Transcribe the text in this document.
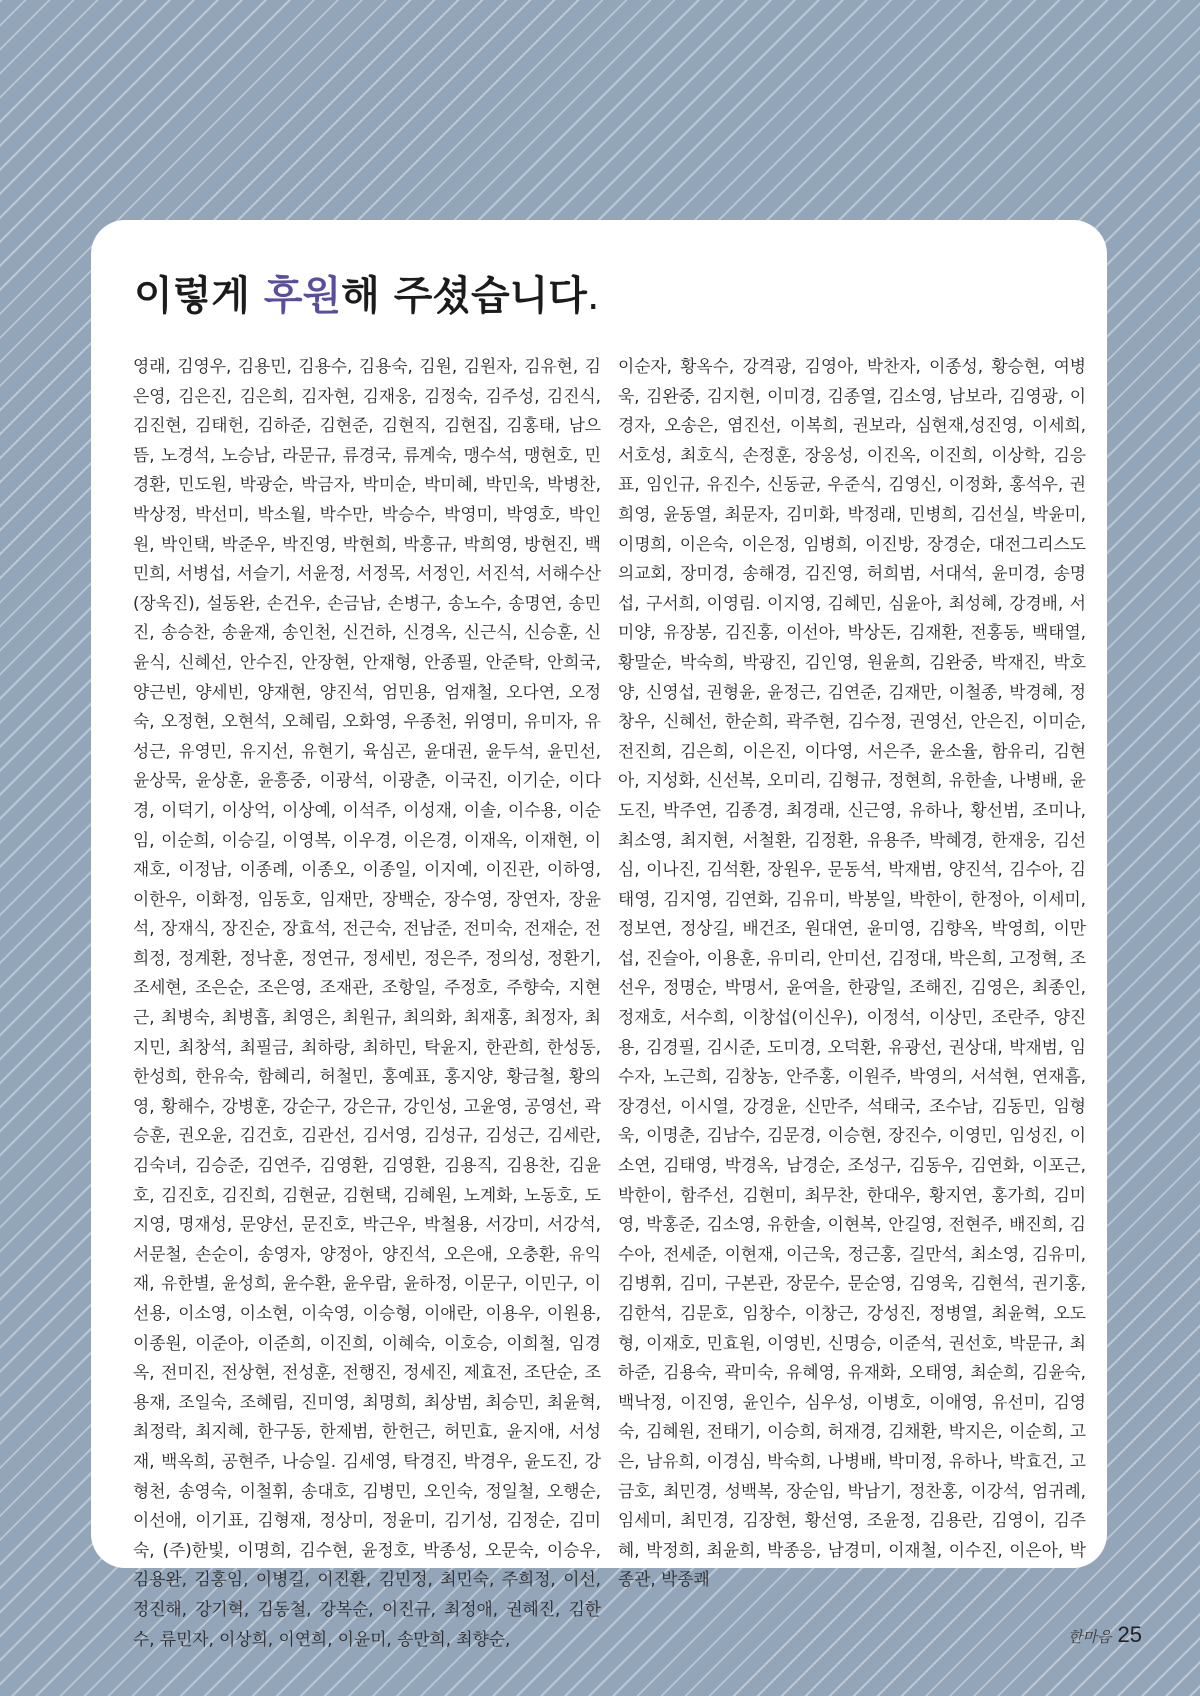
이렇게 후원해 주셨습니다.
영래, 김영우, 김용민, 김용수, 김용숙, 김원, 김원자, 김유현, 김은영, 김은진, 김은희, 김자현, 김재웅, 김정숙, 김주성, 김진식, 김진현, 김태헌, 김하준, 김현준, 김현직, 김현집, 김홍태, 남으뜸, 노경석, 노승남, 라문규, 류경국, 류계숙, 맹수석, 맹현호, 민경환, 민도원, 박광순, 박금자, 박미순, 박미혜, 박민욱, 박병찬, 박상정, 박선미, 박소월, 박수만, 박승수, 박영미, 박영호, 박인원, 박인택, 박준우, 박진영, 박현희, 박흥규, 박희영, 방현진, 백민희, 서병섭, 서슬기, 서윤정, 서정목, 서정인, 서진석, 서해수산(장욱진), 설동완, 손건우, 손금남, 손병구, 송노수, 송명연, 송민진, 송승찬, 송윤재, 송인천, 신건하, 신경옥, 신근식, 신승훈, 신윤식, 신혜선, 안수진, 안장현, 안재형, 안종필, 안준탁, 안희국, 양근빈, 양세빈, 양재현, 양진석, 엄민용, 엄재철, 오다연, 오정숙, 오정현, 오현석, 오혜림, 오화영, 우종천, 위영미, 유미자, 유성근, 유영민, 유지선, 유현기, 육심곤, 윤대권, 윤두석, 윤민선, 윤상묵, 윤상훈, 윤흥중, 이광석, 이광춘, 이국진, 이기순, 이다경, 이덕기, 이상억, 이상예, 이석주, 이성재, 이솔, 이수용, 이순임, 이순희, 이승길, 이영복, 이우경, 이은경, 이재옥, 이재현, 이재호, 이정남, 이종례, 이종오, 이종일, 이지예, 이진관, 이하영, 이한우, 이화정, 임동호, 임재만, 장백순, 장수영, 장연자, 장윤석, 장재식, 장진순, 장효석, 전근숙, 전남준, 전미숙, 전재순, 전희정, 정계환, 정낙훈, 정연규, 정세빈, 정은주, 정의성, 정환기, 조세현, 조은순, 조은영, 조재관, 조항일, 주정호, 주향숙, 지현근, 최병숙, 최병흡, 최영은, 최원규, 최의화, 최재홍, 최정자, 최지민, 최창석, 최필금, 최하랑, 최하민, 탁윤지, 한관희, 한성동, 한성희, 한유숙, 함혜리, 허철민, 홍예표, 홍지양, 황금철, 황의영, 황해수, 강병훈, 강순구, 강은규, 강인성, 고윤영, 공영선, 곽승훈, 권오윤, 김건호, 김관선, 김서영, 김성규, 김성근, 김세란, 김숙녀, 김승준, 김연주, 김영환, 김영환, 김용직, 김용찬, 김윤호, 김진호, 김진희, 김현균, 김현택, 김혜원, 노계화, 노동호, 도지영, 명재성, 문양선, 문진호, 박근우, 박철용, 서강미, 서강석, 서문철, 손순이, 송영자, 양정아, 양진석, 오은애, 오충환, 유익재, 유한별, 윤성희, 윤수환, 윤우람, 윤하정, 이문구, 이민구, 이선용, 이소영, 이소현, 이숙영, 이승형, 이애란, 이용우, 이원용, 이종원, 이준아, 이준희, 이진희, 이혜숙, 이호승, 이희철, 임경옥, 전미진, 전상현, 전성훈, 전행진, 정세진, 제효전, 조단순, 조용재, 조일숙, 조혜림, 진미영, 최명희, 최상범, 최승민, 최윤혁, 최정락, 최지혜, 한구동, 한제범, 한헌근, 허민효, 윤지애, 서성재, 백옥희, 공현주, 나승일. 김세영, 탁경진, 박경우, 윤도진, 강형천, 송영숙, 이철휘, 송대호, 김병민, 오인숙, 정일철, 오행순, 이선애, 이기표, 김형재, 정상미, 정윤미, 김기성, 김정순, 김미숙, (주)한빛, 이명희, 김수현, 윤정호, 박종성, 오문숙, 이승우, 김용완, 김홍임, 이병길, 이진환, 김민정, 최민숙, 주희정, 이선, 정진해, 강기혁, 김동철, 강복순, 이진규, 최정애, 권혜진, 김한수, 류민자, 이상희, 이연희, 이윤미, 송만희, 최향순,
이순자, 황옥수, 강격광, 김영아, 박찬자, 이종성, 황승현, 여병욱, 김완중, 김지현, 이미경, 김종열, 김소영, 남보라, 김영광, 이경자, 오송은, 염진선, 이복희, 권보라, 심현재,성진영, 이세희, 서호성, 최호식, 손정훈, 장옹성, 이진옥, 이진희, 이상학, 김응표, 임인규, 유진수, 신동균, 우준식, 김영신, 이정화, 홍석우, 권희영, 윤동열, 최문자, 김미화, 박정래, 민병희, 김선실, 박윤미, 이명희, 이은숙, 이은정, 임병희, 이진방, 장경순, 대전그리스도의교회, 장미경, 송해경, 김진영, 허희범, 서대석, 윤미경, 송명섭, 구서희, 이영림. 이지영, 김혜민, 심윤아, 최성혜, 강경배, 서미양, 유장봉, 김진홍, 이선아, 박상돈, 김재환, 전홍동, 백태열, 황말순, 박숙희, 박광진, 김인영, 원윤희, 김완중, 박재진, 박호양, 신영섭, 권형윤, 윤정근, 김연준, 김재만, 이철종, 박경혜, 정창우, 신혜선, 한순희, 곽주현, 김수정, 권영선, 안은진, 이미순, 전진희, 김은희, 이은진, 이다영, 서은주, 윤소율, 함유리, 김현아, 지성화, 신선복, 오미리, 김형규, 정현희, 유한솔, 나병배, 윤도진, 박주연, 김종경, 최경래, 신근영, 유하나, 황선범, 조미나, 최소영, 최지현, 서철환, 김정환, 유용주, 박혜경, 한재웅, 김선심, 이나진, 김석환, 장원우, 문동석, 박재범, 양진석, 김수아, 김태영, 김지영, 김연화, 김유미, 박봉일, 박한이, 한정아, 이세미, 정보연, 정상길, 배건조, 원대연, 윤미영, 김향옥, 박영희, 이만섭, 진슬아, 이용훈, 유미리, 안미선, 김정대, 박은희, 고정혁, 조선우, 정명순, 박명서, 윤여을, 한광일, 조해진, 김영은, 최종인, 정재호, 서수희, 이창섭(이신우), 이정석, 이상민, 조란주, 양진용, 김경필, 김시준, 도미경, 오덕환, 유광선, 권상대, 박재범, 임수자, 노근희, 김창농, 안주홍, 이원주, 박영의, 서석현, 연재흠, 장경선, 이시열, 강경윤, 신만주, 석태국, 조수남, 김동민, 임형욱, 이명춘, 김남수, 김문경, 이승현, 장진수, 이영민, 임성진, 이소연, 김태영, 박경옥, 남경순, 조성구, 김동우, 김연화, 이포근, 박한이, 함주선, 김현미, 최무찬, 한대우, 황지연, 홍가희, 김미영, 박홍준, 김소영, 유한솔, 이현복, 안길영, 전현주, 배진희, 김수아, 전세준, 이현재, 이근욱, 정근홍, 길만석, 최소영, 김유미, 김병휘, 김미, 구본관, 장문수, 문순영, 김영욱, 김현석, 권기홍, 김한석, 김문호, 임창수, 이창근, 강성진, 정병열, 최윤혁, 오도형, 이재호, 민효원, 이영빈, 신명승, 이준석, 권선호, 박문규, 최하준, 김용숙, 곽미숙, 유혜영, 유재화, 오태영, 최순희, 김윤숙, 백낙정, 이진영, 윤인수, 심우성, 이병호, 이애영, 유선미, 김영숙, 김혜원, 전태기, 이승희, 허재경, 김채환, 박지은, 이순희, 고은, 남유희, 이경심, 박숙희, 나병배, 박미정, 유하나, 박효건, 고금호, 최민경, 성백복, 장순임, 박남기, 정찬홍, 이강석, 엄귀례, 임세미, 최민경, 김장현, 황선영, 조윤정, 김용란, 김영이, 김주혜, 박정희, 최윤희, 박종응, 남경미, 이재철, 이수진, 이은아, 박종관, 박종쾌
한마음 25
